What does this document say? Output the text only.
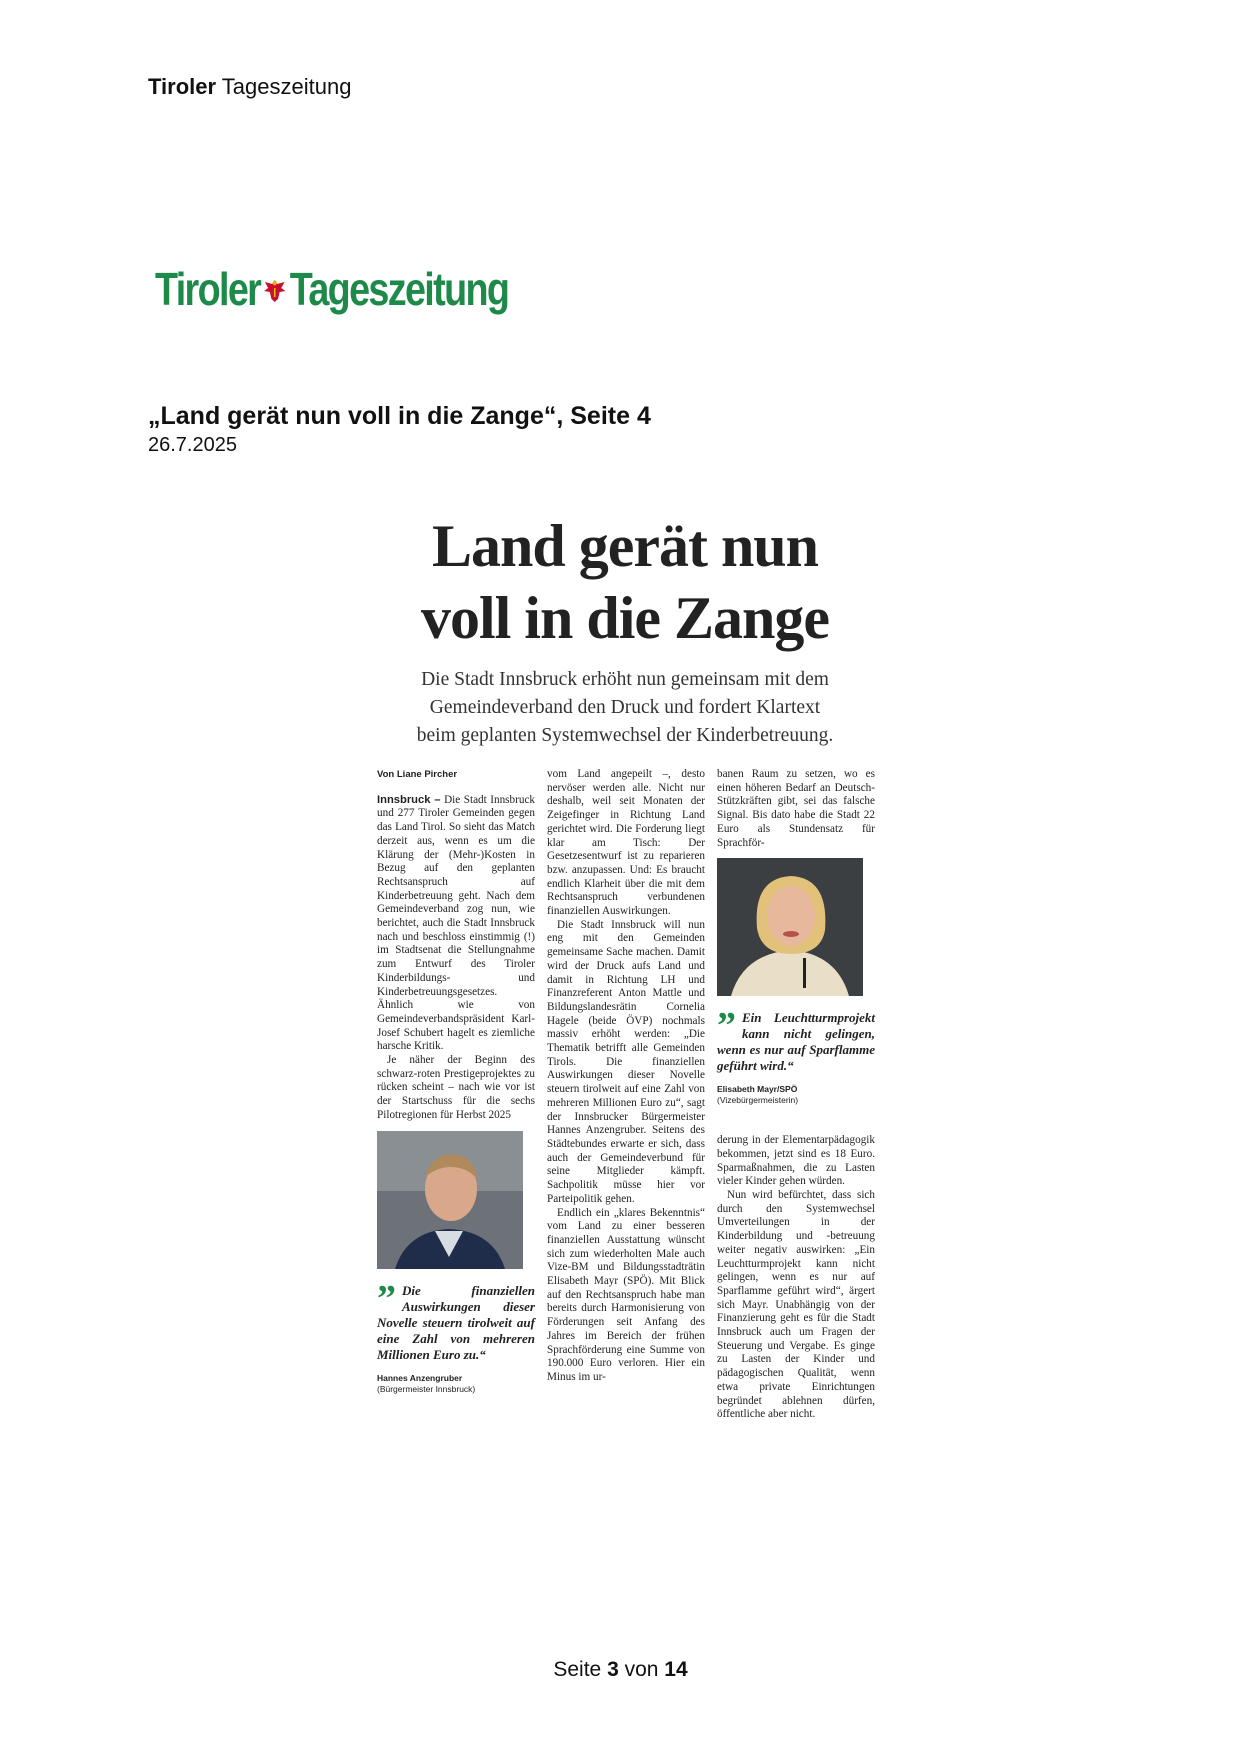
Tiroler Tageszeitung
Tiroler Tageszeitung
„Land gerät nun voll in die Zange“, Seite 4
26.7.2025
Land gerät nun
voll in die Zange
Die Stadt Innsbruck erhöht nun gemeinsam mit dem
Gemeindeverband den Druck und fordert Klartext
beim geplanten Systemwechsel der Kinderbetreuung.
Von Liane Pircher

Innsbruck – Die Stadt Innsbruck und 277 Tiroler Gemeinden gegen das Land Tirol. So sieht das Match derzeit aus, wenn es um die Klärung der (Mehr-)Kosten in Bezug auf den geplanten Rechtsanspruch auf Kinderbetreuung geht. Nach dem Gemeindeverband zog nun, wie berichtet, auch die Stadt Innsbruck nach und beschloss einstimmig (!) im Stadtsenat die Stellungnahme zum Entwurf des Tiroler Kinderbildungs- und Kinderbetreuungsgesetzes. Ähnlich wie von Gemeindeverbandspräsident Karl-Josef Schubert hagelt es ziemliche harsche Kritik.

Je näher der Beginn des schwarz-roten Prestigeprojektes zu rücken scheint – nach wie vor ist der Startschuss für die sechs Pilotregionen für Herbst 2025

” Die finanziellen Auswirkungen dieser Novelle steuern tirolweit auf eine Zahl von mehreren Millionen Euro zu.“
Hannes Anzengruber
(Bürgermeister Innsbruck)

vom Land angepeilt –, desto nervöser werden alle. Nicht nur deshalb, weil seit Monaten der Zeigefinger in Richtung Land gerichtet wird. Die Forderung liegt klar am Tisch: Der Gesetzesentwurf ist zu reparieren bzw. anzupassen. Und: Es braucht endlich Klarheit über die mit dem Rechtsanspruch verbundenen finanziellen Auswirkungen.

Die Stadt Innsbruck will nun eng mit den Gemeinden gemeinsame Sache machen. Damit wird der Druck aufs Land und damit in Richtung LH und Finanzreferent Anton Mattle und Bildungslandesrätin Cornelia Hagele (beide ÖVP) nochmals massiv erhöht werden: „Die Thematik betrifft alle Gemeinden Tirols. Die finanziellen Auswirkungen dieser Novelle steuern tirolweit auf eine Zahl von mehreren Millionen Euro zu“, sagt der Innsbrucker Bürgermeister Hannes Anzengruber. Seitens des Städtebundes erwarte er sich, dass auch der Gemeindeverbund für seine Mitglieder kämpft. Sachpolitik müsse hier vor Parteipolitik gehen.

Endlich ein „klares Bekenntnis“ vom Land zu einer besseren finanziellen Ausstattung wünscht sich zum wiederholten Male auch Vize-BM und Bildungsstadträtin Elisabeth Mayr (SPÖ). Mit Blick auf den Rechtsanspruch habe man bereits durch Harmonisierung von Förderungen seit Anfang des Jahres im Bereich der frühen Sprachförderung eine Summe von 190.000 Euro verloren. Hier ein Minus im ur-

banen Raum zu setzen, wo es einen höheren Bedarf an Deutsch-Stützkräften gibt, sei das falsche Signal. Bis dato habe die Stadt 22 Euro als Stundensatz für Sprachför-

” Ein Leuchtturmprojekt kann nicht gelingen, wenn es nur auf Sparflamme geführt wird.“
Elisabeth Mayr/SPÖ
(Vizebürgermeisterin)

derung in der Elementarpädagogik bekommen, jetzt sind es 18 Euro. Sparmaßnahmen, die zu Lasten vieler Kinder gehen würden.

Nun wird befürchtet, dass sich durch den Systemwechsel Umverteilungen in der Kinderbildung und -betreuung weiter negativ auswirken: „Ein Leuchtturmprojekt kann nicht gelingen, wenn es nur auf Sparflamme geführt wird“, ärgert sich Mayr. Unabhängig von der Finanzierung geht es für die Stadt Innsbruck auch um Fragen der Steuerung und Vergabe. Es ginge zu Lasten der Kinder und pädagogischen Qualität, wenn etwa private Einrichtungen begründet ablehnen dürfen, öffentliche aber nicht.

Seite 3 von 14
